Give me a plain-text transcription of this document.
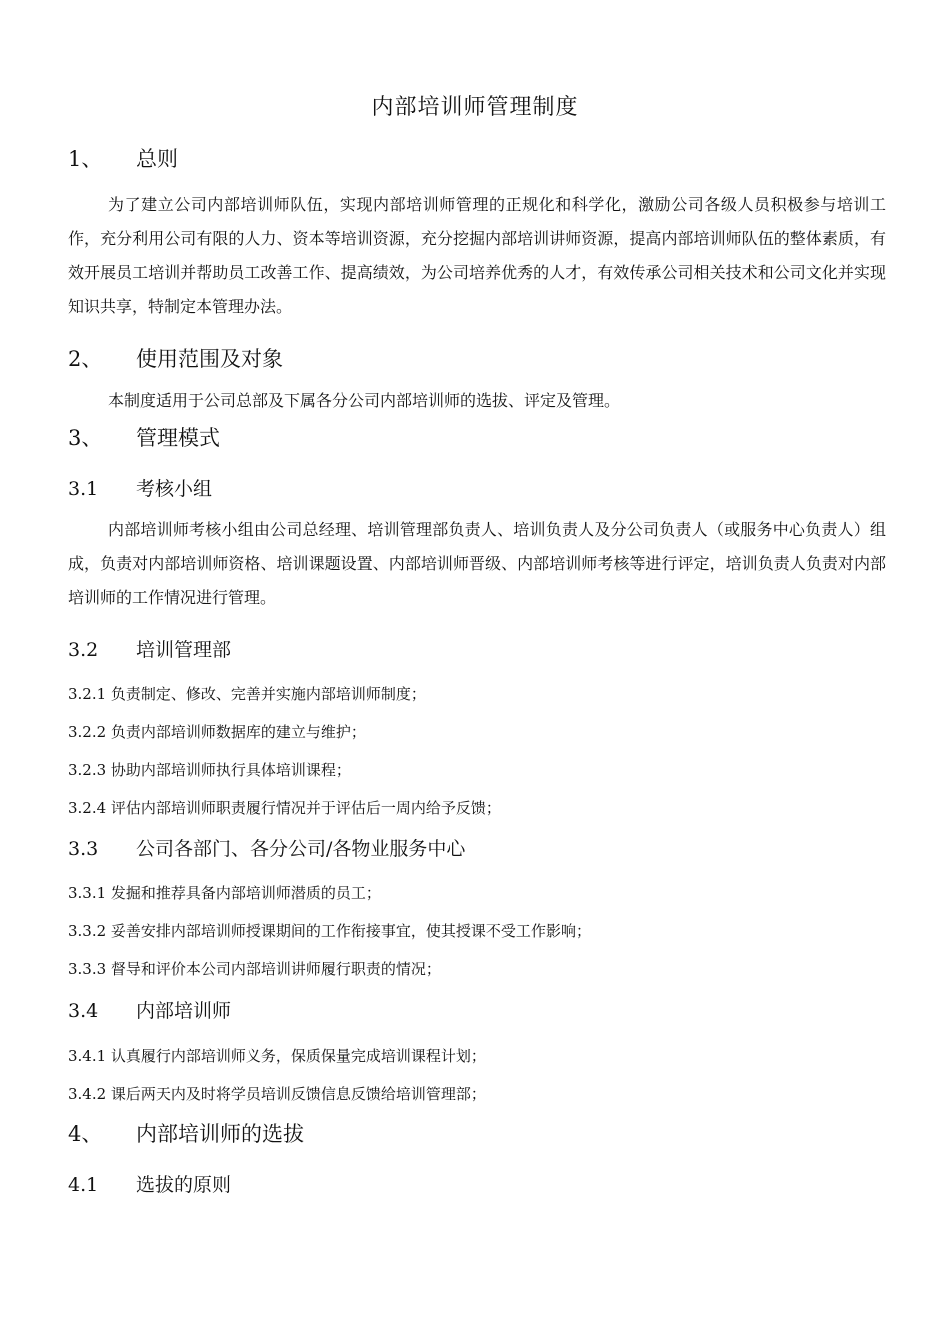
内部培训师管理制度
1、 总则
为了建立公司内部培训师队伍，实现内部培训师管理的正规化和科学化，激励公司各级人员积极参与培训工作，充分利用公司有限的人力、资本等培训资源，充分挖掘内部培训讲师资源，提高内部培训师队伍的整体素质，有效开展员工培训并帮助员工改善工作、提高绩效，为公司培养优秀的人才，有效传承公司相关技术和公司文化并实现知识共享，特制定本管理办法。
2、 使用范围及对象
本制度适用于公司总部及下属各分公司内部培训师的选拔、评定及管理。
3、 管理模式
3.1 考核小组
内部培训师考核小组由公司总经理、培训管理部负责人、培训负责人及分公司负责人（或服务中心负责人）组成，负责对内部培训师资格、培训课题设置、内部培训师晋级、内部培训师考核等进行评定，培训负责人负责对内部培训师的工作情况进行管理。
3.2 培训管理部
3.2.1 负责制定、修改、完善并实施内部培训师制度；
3.2.2 负责内部培训师数据库的建立与维护；
3.2.3 协助内部培训师执行具体培训课程；
3.2.4 评估内部培训师职责履行情况并于评估后一周内给予反馈；
3.3 公司各部门、各分公司/各物业服务中心
3.3.1 发掘和推荐具备内部培训师潜质的员工；
3.3.2 妥善安排内部培训师授课期间的工作衔接事宜，使其授课不受工作影响；
3.3.3 督导和评价本公司内部培训讲师履行职责的情况；
3.4 内部培训师
3.4.1 认真履行内部培训师义务，保质保量完成培训课程计划；
3.4.2 课后两天内及时将学员培训反馈信息反馈给培训管理部；
4、 内部培训师的选拔
4.1 选拔的原则
